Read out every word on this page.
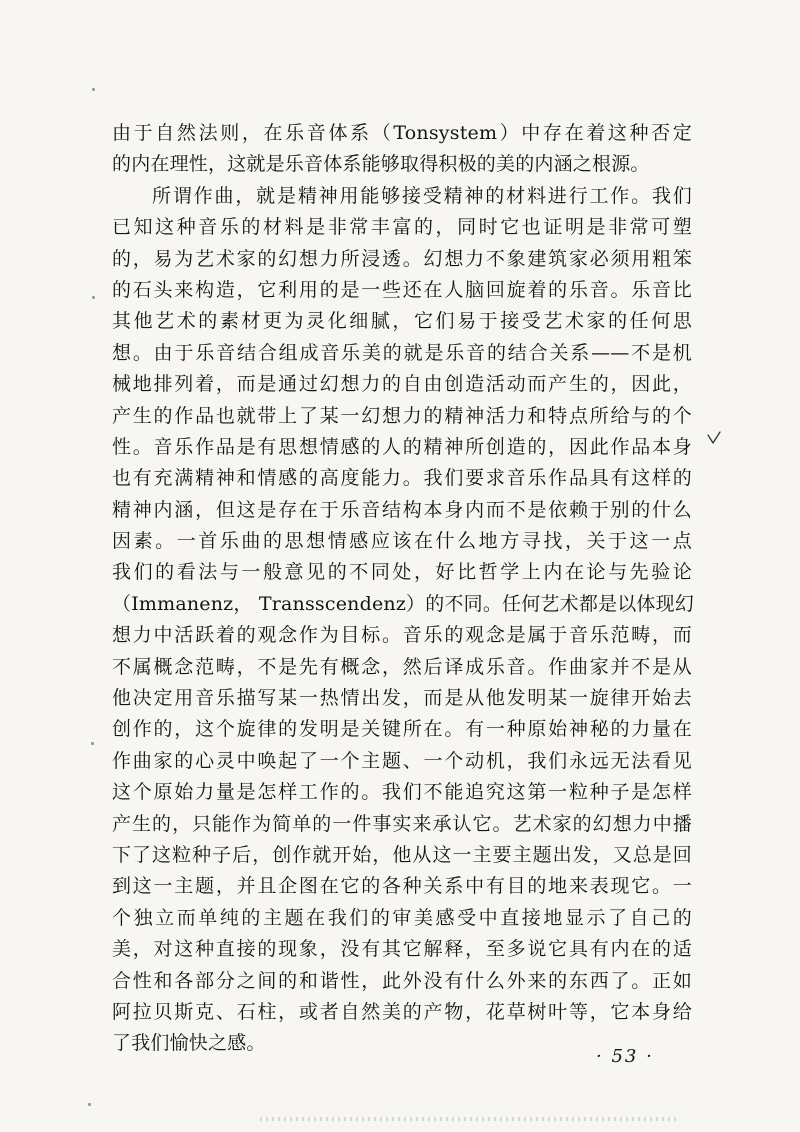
由于自然法则，在乐音体系（Tonsystem）中存在着这种否定
的内在理性，这就是乐音体系能够取得积极的美的内涵之根源。
所谓作曲，就是精神用能够接受精神的材料进行工作。我们
已知这种音乐的材料是非常丰富的，同时它也证明是非常可塑
的，易为艺术家的幻想力所浸透。幻想力不象建筑家必须用粗笨
的石头来构造，它利用的是一些还在人脑回旋着的乐音。乐音比
其他艺术的素材更为灵化细腻，它们易于接受艺术家的任何思
想。由于乐音结合组成音乐美的就是乐音的结合关系——不是机
械地排列着，而是通过幻想力的自由创造活动而产生的，因此，
产生的作品也就带上了某一幻想力的精神活力和特点所给与的个
性。音乐作品是有思想情感的人的精神所创造的，因此作品本身
也有充满精神和情感的高度能力。我们要求音乐作品具有这样的
精神内涵，但这是存在于乐音结构本身内而不是依赖于别的什么
因素。一首乐曲的思想情感应该在什么地方寻找，关于这一点
我们的看法与一般意见的不同处，好比哲学上内在论与先验论
（Immanenz， Transscendenz）的不同。任何艺术都是以体现幻
想力中活跃着的观念作为目标。音乐的观念是属于音乐范畴，而
不属概念范畴，不是先有概念，然后译成乐音。作曲家并不是从
他决定用音乐描写某一热情出发，而是从他发明某一旋律开始去
创作的，这个旋律的发明是关键所在。有一种原始神秘的力量在
作曲家的心灵中唤起了一个主题、一个动机，我们永远无法看见
这个原始力量是怎样工作的。我们不能追究这第一粒种子是怎样
产生的，只能作为简单的一件事实来承认它。艺术家的幻想力中播
下了这粒种子后，创作就开始，他从这一主要主题出发，又总是回
到这一主题，并且企图在它的各种关系中有目的地来表现它。一
个独立而单纯的主题在我们的审美感受中直接地显示了自己的
美，对这种直接的现象，没有其它解释，至多说它具有内在的适
合性和各部分之间的和谐性，此外没有什么外来的东西了。正如
阿拉贝斯克、石柱，或者自然美的产物，花草树叶等，它本身给
了我们愉快之感。
· 53 ·
